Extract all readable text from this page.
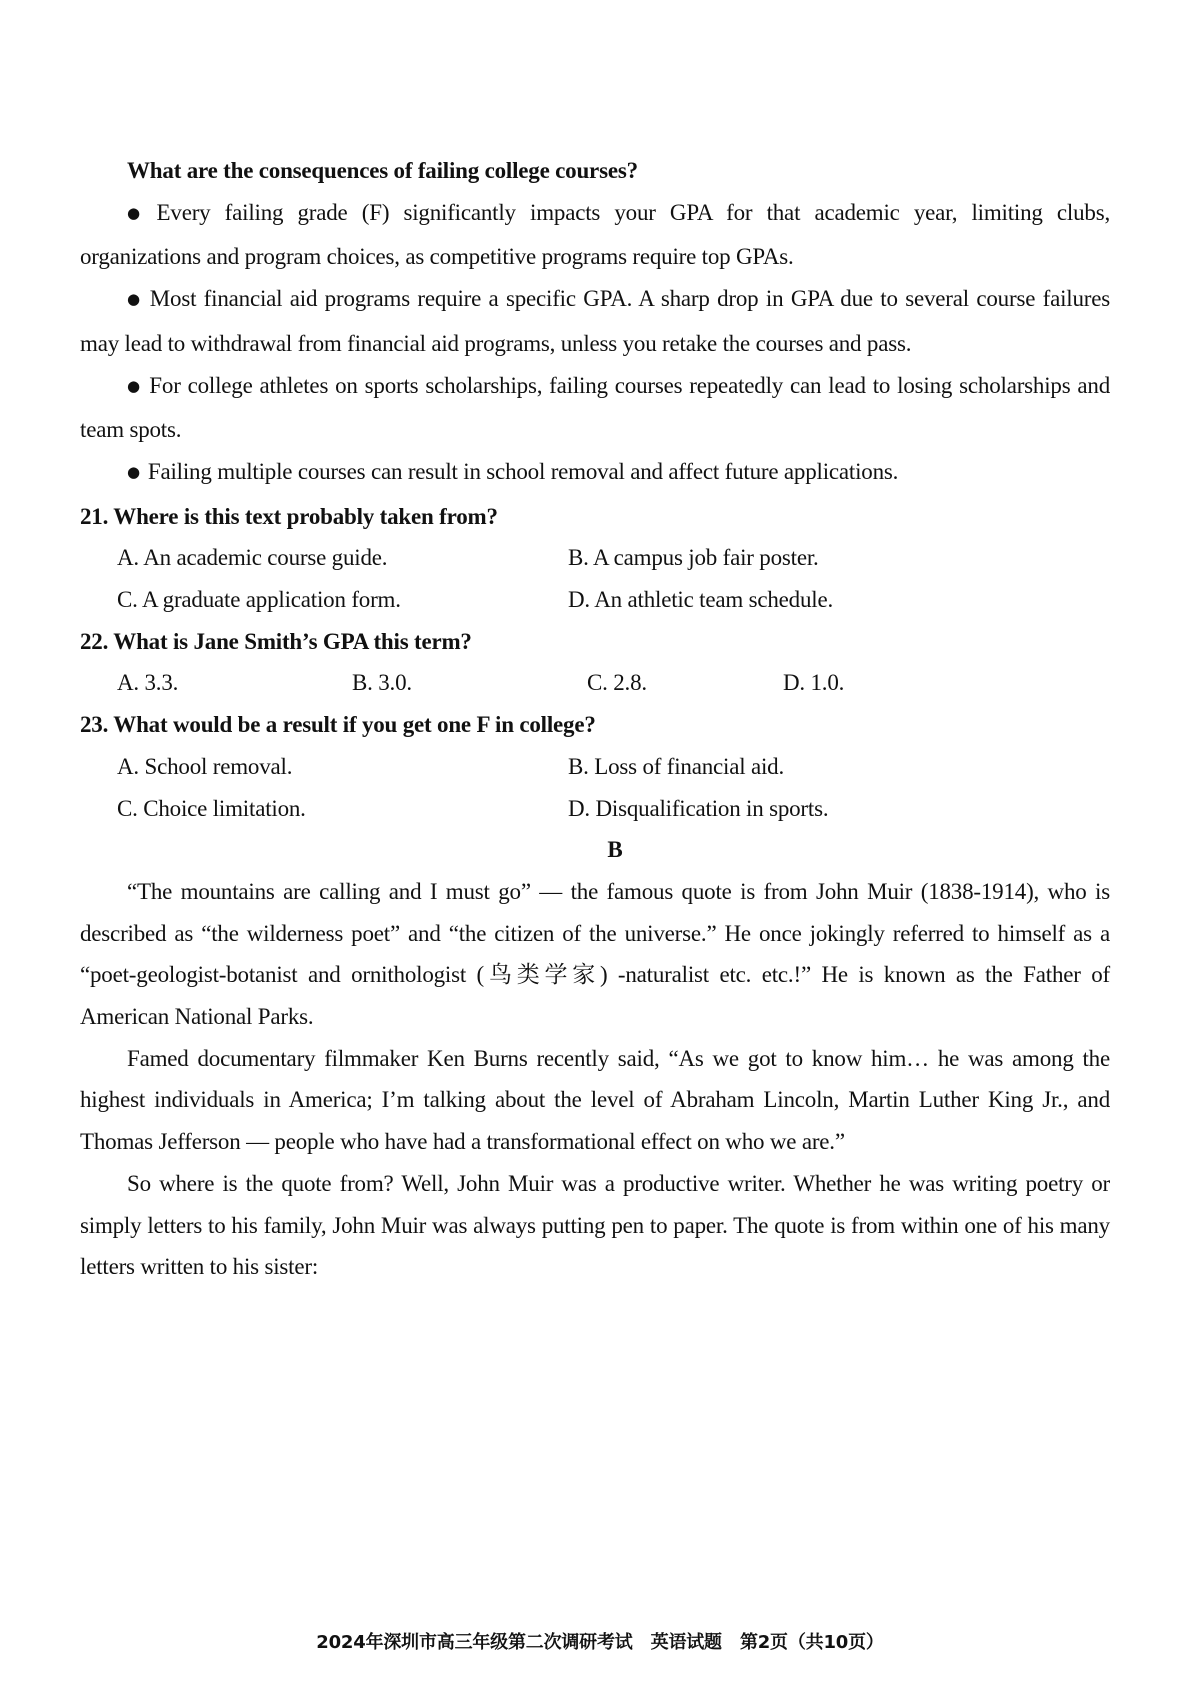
What are the consequences of failing college courses?

● Every failing grade (F) significantly impacts your GPA for that academic year, limiting clubs, organizations and program choices, as competitive programs require top GPAs.

● Most financial aid programs require a specific GPA. A sharp drop in GPA due to several course failures may lead to withdrawal from financial aid programs, unless you retake the courses and pass.

● For college athletes on sports scholarships, failing courses repeatedly can lead to losing scholarships and team spots.

● Failing multiple courses can result in school removal and affect future applications.

21. Where is this text probably taken from?

A. An academic course guide.	B. A campus job fair poster.
C. A graduate application form.	D. An athletic team schedule.

22. What is Jane Smith’s GPA this term?

A. 3.3.	B. 3.0.	C. 2.8.	D. 1.0.

23. What would be a result if you get one F in college?

A. School removal.	B. Loss of financial aid.
C. Choice limitation.	D. Disqualification in sports.
B

“The mountains are calling and I must go” — the famous quote is from John Muir (1838-1914), who is described as “the wilderness poet” and “the citizen of the universe.” He once jokingly referred to himself as a “poet-geologist-botanist and ornithologist (鸟类学家) -naturalist etc. etc.!” He is known as the Father of American National Parks.

Famed documentary filmmaker Ken Burns recently said, “As we got to know him… he was among the highest individuals in America; I’m talking about the level of Abraham Lincoln, Martin Luther King Jr., and Thomas Jefferson — people who have had a transformational effect on who we are.”

So where is the quote from? Well, John Muir was a productive writer. Whether he was writing poetry or simply letters to his family, John Muir was always putting pen to paper. The quote is from within one of his many letters written to his sister:

2024年深圳市高三年级第二次调研考试 英语试题 第2页（共10页）
